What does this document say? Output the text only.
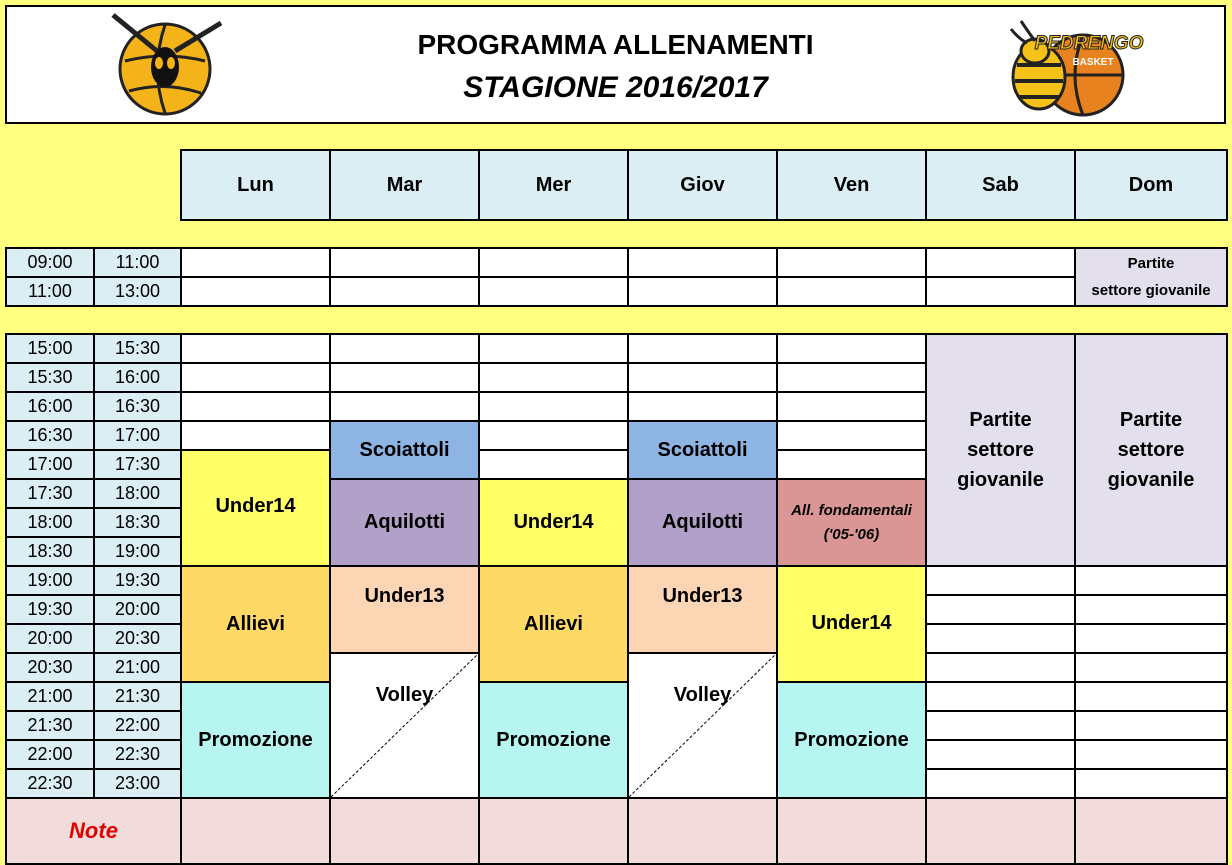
PROGRAMMA ALLENAMENTI
STAGIONE 2016/2017
PEDRENGO
BASKET
Lun	Mar	Mer	Giov	Ven	Sab	Dom
09:00	11:00							Partite
settore giovanile
11:00	13:00							
15:00	15:30						Partite
settore
giovanile	Partite
settore
giovanile
15:30	16:00							
16:00	16:30							
16:30	17:00		Scoiattoli		Scoiattoli			
17:00	17:30	Under14						
17:30	18:00		Aquilotti	Under14	Aquilotti	All. fondamentali
('05-'06)		
18:00	18:30							
18:30	19:00							
19:00	19:30	Allievi	Under13	Allievi	Under13	Under14		
19:30	20:00							
20:00	20:30							
20:30	21:00		Volley		Volley			

21:00	21:30	Promozione		Promozione		Promozione		
21:30	22:00							
22:00	22:30							
22:30	23:00							
Note								
